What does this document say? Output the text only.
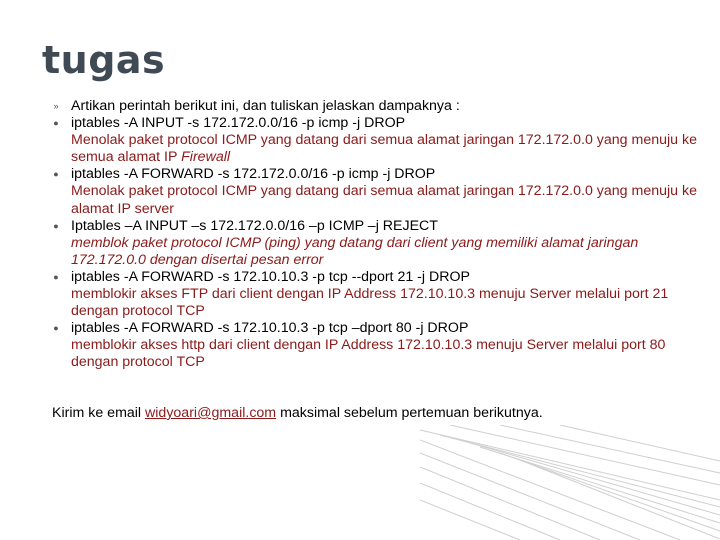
tugas
» Artikan perintah berikut ini, dan tuliskan jelaskan dampaknya :
● iptables -A INPUT -s 172.172.0.0/16 -p icmp -j DROP
Menolak paket protocol ICMP yang datang dari semua alamat jaringan 172.172.0.0 yang menuju ke semua alamat IP Firewall
● iptables -A FORWARD -s 172.172.0.0/16 -p icmp -j DROP
Menolak paket protocol ICMP yang datang dari semua alamat jaringan 172.172.0.0 yang menuju ke alamat IP server
● Iptables –A INPUT –s 172.172.0.0/16 –p ICMP –j REJECT
memblok paket protocol ICMP (ping) yang datang dari client yang memiliki alamat jaringan 172.172.0.0 dengan disertai pesan error
● iptables -A FORWARD -s 172.10.10.3 -p tcp --dport 21 -j DROP
memblokir akses FTP dari client dengan IP Address 172.10.10.3 menuju Server melalui port 21 dengan protocol TCP
● iptables -A FORWARD -s 172.10.10.3 -p tcp –dport 80 -j DROP
memblokir akses http dari client dengan IP Address 172.10.10.3 menuju Server melalui port 80 dengan protocol TCP
Kirim ke email widyoari@gmail.com maksimal sebelum pertemuan berikutnya.
